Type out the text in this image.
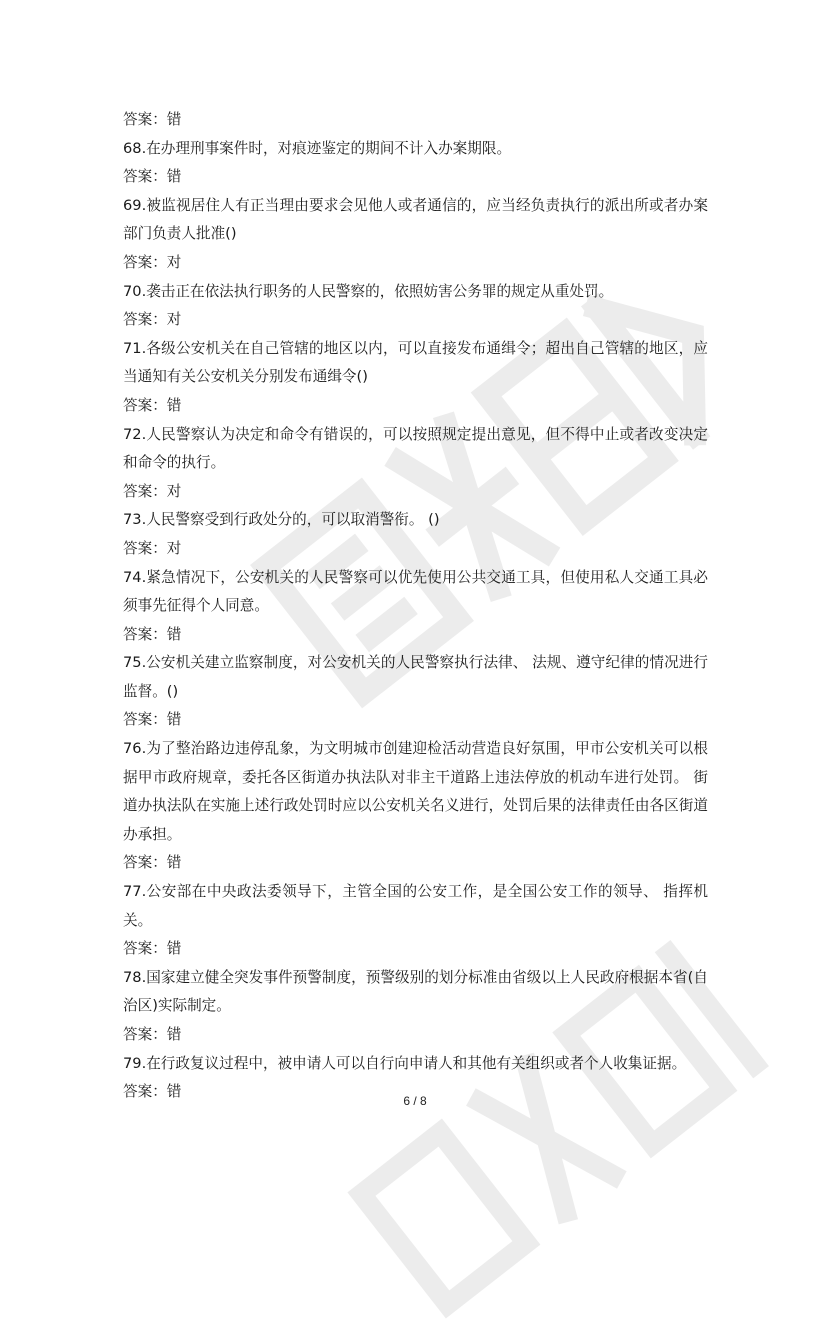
答案：错
68.在办理刑事案件时，对痕迹鉴定的期间不计入办案期限。
答案：错
69.被监视居住人有正当理由要求会见他人或者通信的，应当经负责执行的派出所或者办案部门负责人批准()
答案：对
70.袭击正在依法执行职务的人民警察的，依照妨害公务罪的规定从重处罚。
答案：对
71.各级公安机关在自己管辖的地区以内，可以直接发布通缉令；超出自己管辖的地区，应当通知有关公安机关分别发布通缉令()
答案：错
72.人民警察认为决定和命令有错误的，可以按照规定提出意见，但不得中止或者改变决定和命令的执行。
答案：对
73.人民警察受到行政处分的，可以取消警衔。 ()
答案：对
74.紧急情况下，公安机关的人民警察可以优先使用公共交通工具，但使用私人交通工具必须事先征得个人同意。
答案：错
75.公安机关建立监察制度，对公安机关的人民警察执行法律、 法规、遵守纪律的情况进行监督。()
答案：错
76.为了整治路边违停乱象，为文明城市创建迎检活动营造良好氛围，甲市公安机关可以根据甲市政府规章，委托各区街道办执法队对非主干道路上违法停放的机动车进行处罚。 街道办执法队在实施上述行政处罚时应以公安机关名义进行，处罚后果的法律责任由各区街道办承担。
答案：错
77.公安部在中央政法委领导下，主管全国的公安工作，是全国公安工作的领导、 指挥机关。
答案：错
78.国家建立健全突发事件预警制度，预警级别的划分标准由省级以上人民政府根据本省(自治区)实际制定。
答案：错
79.在行政复议过程中，被申请人可以自行向申请人和其他有关组织或者个人收集证据。
答案：错
6 / 8
